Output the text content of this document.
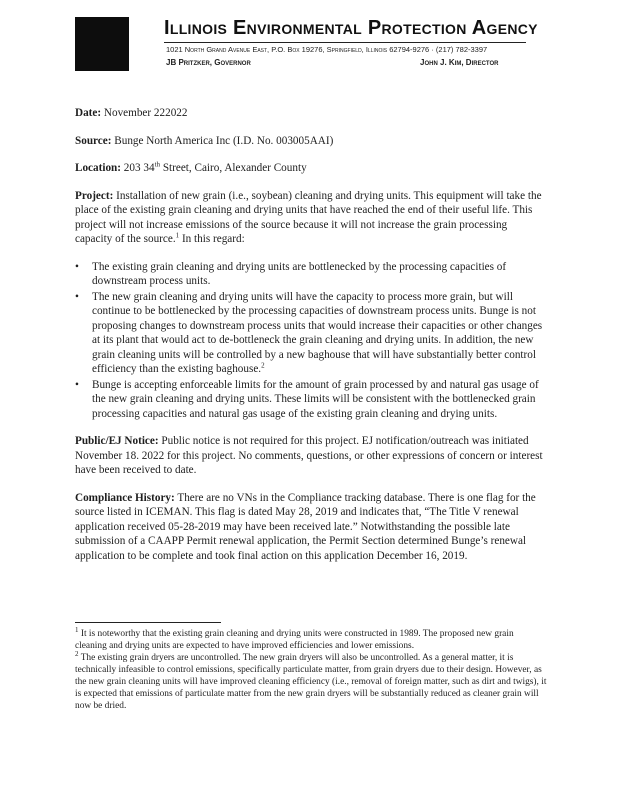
Illinois Environmental Protection Agency
1021 North Grand Avenue East, P.O. Box 19276, Springfield, Illinois 62794-9276 · (217) 782-3397
JB Pritzker, Governor	John J. Kim, Director

Date: November 222022

Source: Bunge North America Inc (I.D. No. 003005AAI)

Location: 203 34th Street, Cairo, Alexander County

Project: Installation of new grain (i.e., soybean) cleaning and drying units. This equipment will take the place of the existing grain cleaning and drying units that have reached the end of their useful life. This project will not increase emissions of the source because it will not increase the grain processing capacity of the source.$^1$ In this regard:

• The existing grain cleaning and drying units are bottlenecked by the processing capacities of downstream process units.
• The new grain cleaning and drying units will have the capacity to process more grain, but will continue to be bottlenecked by the processing capacities of downstream process units. Bunge is not proposing changes to downstream process units that would increase their capacities or other changes at its plant that would act to de-bottleneck the grain cleaning and drying units. In addition, the new grain cleaning units will be controlled by a new baghouse that will have substantially better control efficiency than the existing baghouse.$^2$
• Bunge is accepting enforceable limits for the amount of grain processed by and natural gas usage of the new grain cleaning and drying units. These limits will be consistent with the bottlenecked grain processing capacities and natural gas usage of the existing grain cleaning and drying units.

Public/EJ Notice: Public notice is not required for this project. EJ notification/outreach was initiated November 18. 2022 for this project. No comments, questions, or other expressions of concern or interest have been received to date.

Compliance History: There are no VNs in the Compliance tracking database. There is one flag for the source listed in ICEMAN. This flag is dated May 28, 2019 and indicates that, “The Title V renewal application received 05-28-2019 may have been received late.” Notwithstanding the possible late submission of a CAAPP Permit renewal application, the Permit Section determined Bunge’s renewal application to be complete and took final action on this application December 16, 2019.

$^1$ It is noteworthy that the existing grain cleaning and drying units were constructed in 1989. The proposed new grain cleaning and drying units are expected to have improved efficiencies and lower emissions.

$^2$ The existing grain dryers are uncontrolled. The new grain dryers will also be uncontrolled. As a general matter, it is technically infeasible to control emissions, specifically particulate matter, from grain dryers due to their design. However, as the new grain cleaning units will have improved cleaning efficiency (i.e., removal of foreign matter, such as dirt and twigs), it is expected that emissions of particulate matter from the new grain dryers will be substantially reduced as cleaner grain will now be dried.
